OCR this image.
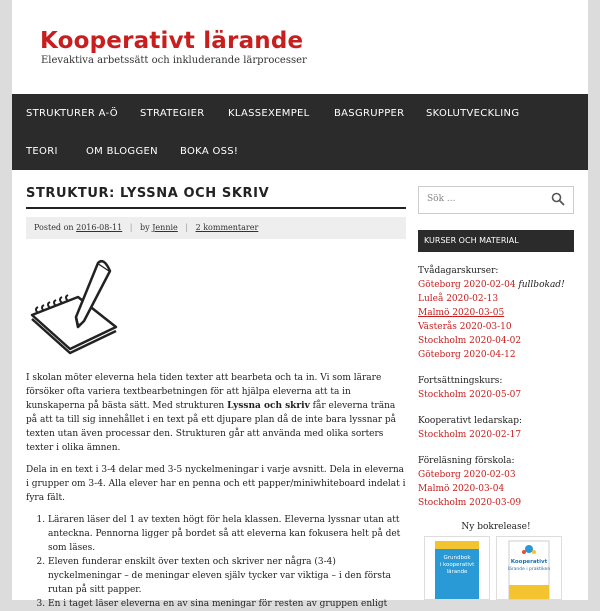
Kooperativt lärande
Elevaktiva arbetssätt och inkluderande lärprocesser
STRUKTURER A-Ö STRATEGIER KLASSEXEMPEL BASGRUPPER SKOLUTVECKLING
TEORI	OM BLOGGEN BOKA OSS!
STRUKTUR: LYSSNA OCH SKRIV
Posted on 2016-08-11 | by Jennie | 2 kommentarer

I skolan möter eleverna hela tiden texter att bearbeta och ta in. Vi som lärare försöker ofta variera textbearbetningen för att hjälpa eleverna att ta in kunskaperna på bästa sätt. Med strukturen Lyssna och skriv får eleverna träna på att ta till sig innehållet i en text på ett djupare plan då de inte bara lyssnar på texten utan även processar den. Strukturen går att använda med olika sorters texter i olika ämnen.

Dela in en text i 3-4 delar med 3-5 nyckelmeningar i varje avsnitt. Dela in eleverna i grupper om 3-4. Alla elever har en penna och ett papper/miniwhiteboard indelat i fyra fält.

1. Läraren läser del 1 av texten högt för hela klassen. Eleverna lyssnar utan att anteckna. Pennorna ligger på bordet så att eleverna kan fokusera helt på det som läses.
2. Eleven funderar enskilt över texten och skriver ner några (3-4) nyckelmeningar – de meningar eleven själv tycker var viktiga – i den första rutan på sitt papper.
3. En i taget läser eleverna en av sina meningar för resten av gruppen enligt
Sök ...
KURSER OCH MATERIAL
Tvådagarskurser:
Göteborg 2020-02-04 fullbokad!
Luleå 2020-02-13
Malmö 2020-03-05
Västerås 2020-03-10
Stockholm 2020-04-02
Göteborg 2020-04-12
Fortsättningskurs:
Stockholm 2020-05-07
Kooperativt ledarskap:
Stockholm 2020-02-17
Föreläsning förskola:
Göteborg 2020-02-03
Malmö 2020-03-04
Stockholm 2020-03-09
Ny bokrelease!
Grundbok
i kooperativt
lärande
Kooperativt
lärande i praktiken
